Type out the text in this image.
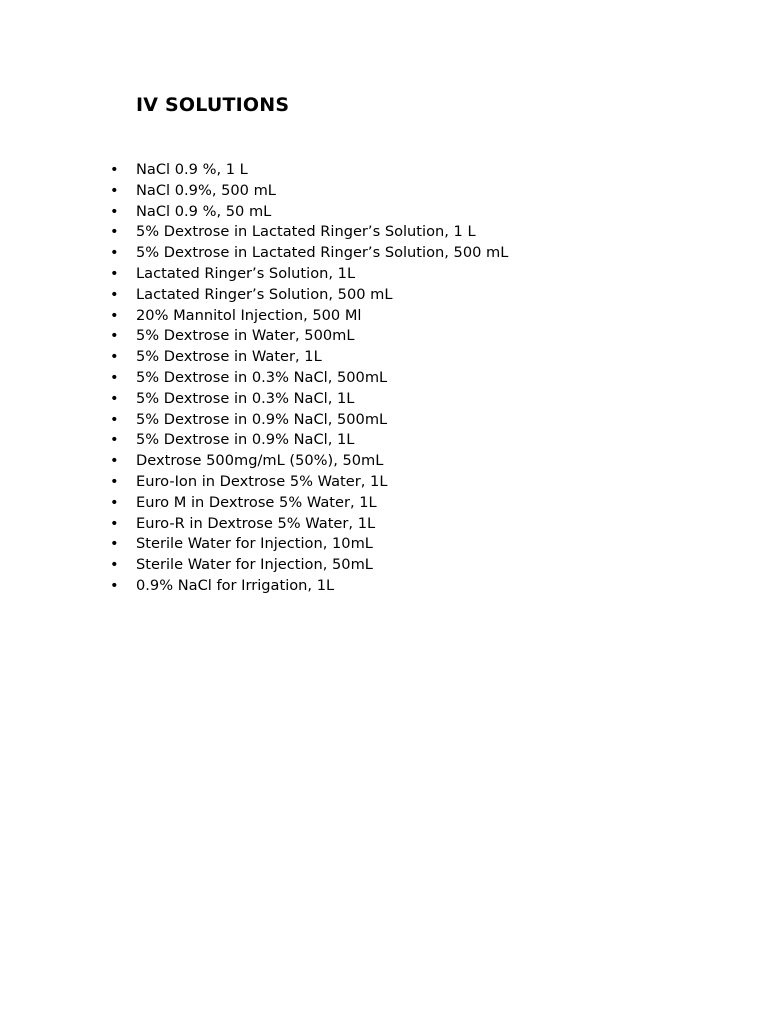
IV SOLUTIONS
• NaCl 0.9 %, 1 L
• NaCl 0.9%, 500 mL
• NaCl 0.9 %, 50 mL
• 5% Dextrose in Lactated Ringer’s Solution, 1 L
• 5% Dextrose in Lactated Ringer’s Solution, 500 mL
• Lactated Ringer’s Solution, 1L
• Lactated Ringer’s Solution, 500 mL
• 20% Mannitol Injection, 500 Ml
• 5% Dextrose in Water, 500mL
• 5% Dextrose in Water, 1L
• 5% Dextrose in 0.3% NaCl, 500mL
• 5% Dextrose in 0.3% NaCl, 1L
• 5% Dextrose in 0.9% NaCl, 500mL
• 5% Dextrose in 0.9% NaCl, 1L
• Dextrose 500mg/mL (50%), 50mL
• Euro-Ion in Dextrose 5% Water, 1L
• Euro M in Dextrose 5% Water, 1L
• Euro-R in Dextrose 5% Water, 1L
• Sterile Water for Injection, 10mL
• Sterile Water for Injection, 50mL
• 0.9% NaCl for Irrigation, 1L
